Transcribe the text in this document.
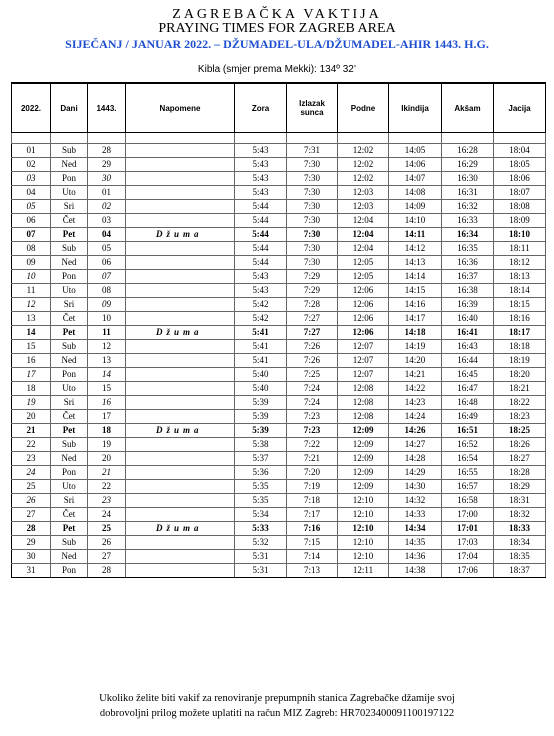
ZAGREBAČKA VAKTIJA
PRAYING TIMES FOR ZAGREB AREA
SIJEČANJ / JANUAR 2022. – DŽUMADEL-ULA/DŽUMADEL-AHIR 1443. H.G.
Kibla (smjer prema Mekki): 134º 32’
2022.	Dani	1443.	Napomene	Zora	Izlazak sunca	Podne	Ikindija	Akšam	Jacija

01	Sub	28		5:43	7:31	12:02	14:05	16:28	18:04
02	Ned	29		5:43	7:30	12:02	14:06	16:29	18:05
03	Pon	30		5:43	7:30	12:02	14:07	16:30	18:06
04	Uto	01		5:43	7:30	12:03	14:08	16:31	18:07
05	Sri	02		5:44	7:30	12:03	14:09	16:32	18:08
06	Čet	03		5:44	7:30	12:04	14:10	16:33	18:09
07	Pet	04	Džuma	5:44	7:30	12:04	14:11	16:34	18:10
08	Sub	05		5:44	7:30	12:04	14:12	16:35	18:11
09	Ned	06		5:44	7:30	12:05	14:13	16:36	18:12
10	Pon	07		5:43	7:29	12:05	14:14	16:37	18:13
11	Uto	08		5:43	7:29	12:06	14:15	16:38	18:14
12	Sri	09		5:42	7:28	12:06	14:16	16:39	18:15
13	Čet	10		5:42	7:27	12:06	14:17	16:40	18:16
14	Pet	11	Džuma	5:41	7:27	12:06	14:18	16:41	18:17
15	Sub	12		5:41	7:26	12:07	14:19	16:43	18:18
16	Ned	13		5:41	7:26	12:07	14:20	16:44	18:19
17	Pon	14		5:40	7:25	12:07	14:21	16:45	18:20
18	Uto	15		5:40	7:24	12:08	14:22	16:47	18:21
19	Sri	16		5:39	7:24	12:08	14:23	16:48	18:22
20	Čet	17		5:39	7:23	12:08	14:24	16:49	18:23
21	Pet	18	Džuma	5:39	7:23	12:09	14:26	16:51	18:25
22	Sub	19		5:38	7:22	12:09	14:27	16:52	18:26
23	Ned	20		5:37	7:21	12:09	14:28	16:54	18:27
24	Pon	21		5:36	7:20	12:09	14:29	16:55	18:28
25	Uto	22		5:35	7:19	12:09	14:30	16:57	18:29
26	Sri	23		5:35	7:18	12:10	14:32	16:58	18:31
27	Čet	24		5:34	7:17	12:10	14:33	17:00	18:32
28	Pet	25	Džuma	5:33	7:16	12:10	14:34	17:01	18:33
29	Sub	26		5:32	7:15	12:10	14:35	17:03	18:34
30	Ned	27		5:31	7:14	12:10	14:36	17:04	18:35
31	Pon	28		5:31	7:13	12:11	14:38	17:06	18:37
Ukoliko želite biti vakif za renoviranje prepumpnih stanica Zagrebačke džamije svoj
dobrovoljni prilog možete uplatiti na račun MIZ Zagreb: HR7023400091100197122
